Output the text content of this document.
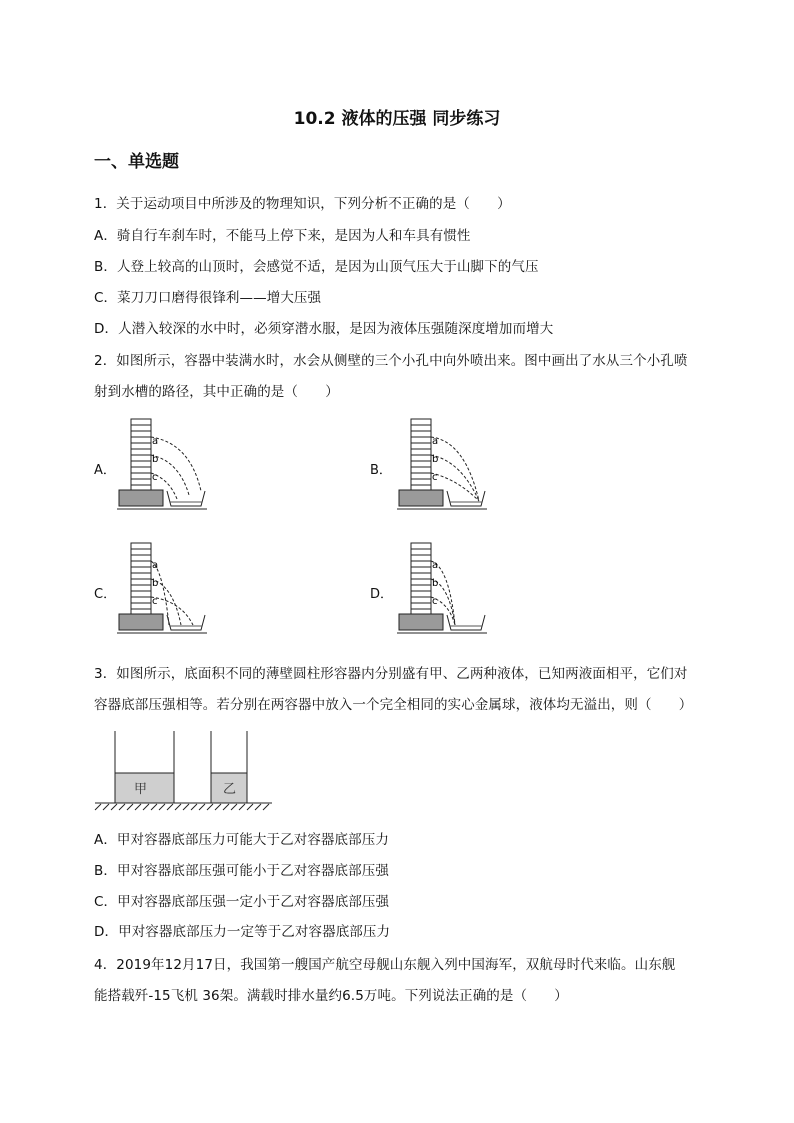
10.2 液体的压强 同步练习
一、单选题
1．关于运动项目中所涉及的物理知识，下列分析不正确的是（　　）
A．骑自行车刹车时，不能马上停下来，是因为人和车具有惯性
B．人登上较高的山顶时，会感觉不适，是因为山顶气压大于山脚下的气压
C．菜刀刀口磨得很锋利——增大压强
D．人潜入较深的水中时，必须穿潜水服，是因为液体压强随深度增加而增大
2．如图所示，容器中装满水时，水会从侧壁的三个小孔中向外喷出来。图中画出了水从三个小孔喷
射到水槽的路径，其中正确的是（　　）
A．	B．
C．	D．
a
b
c
a
b
c
a
b
c
a
b
c
3．如图所示，底面积不同的薄壁圆柱形容器内分别盛有甲、乙两种液体，已知两液面相平，它们对
容器底部压强相等。若分别在两容器中放入一个完全相同的实心金属球，液体均无溢出，则（　　）
甲	乙
A．甲对容器底部压力可能大于乙对容器底部压力
B．甲对容器底部压强可能小于乙对容器底部压强
C．甲对容器底部压强一定小于乙对容器底部压强
D．甲对容器底部压力一定等于乙对容器底部压力
4．2019年12月17日，我国第一艘国产航空母舰山东舰入列中国海军，双航母时代来临。山东舰
能搭载歼-15飞机 36架。满载时排水量约6.5万吨。下列说法正确的是（　　）
